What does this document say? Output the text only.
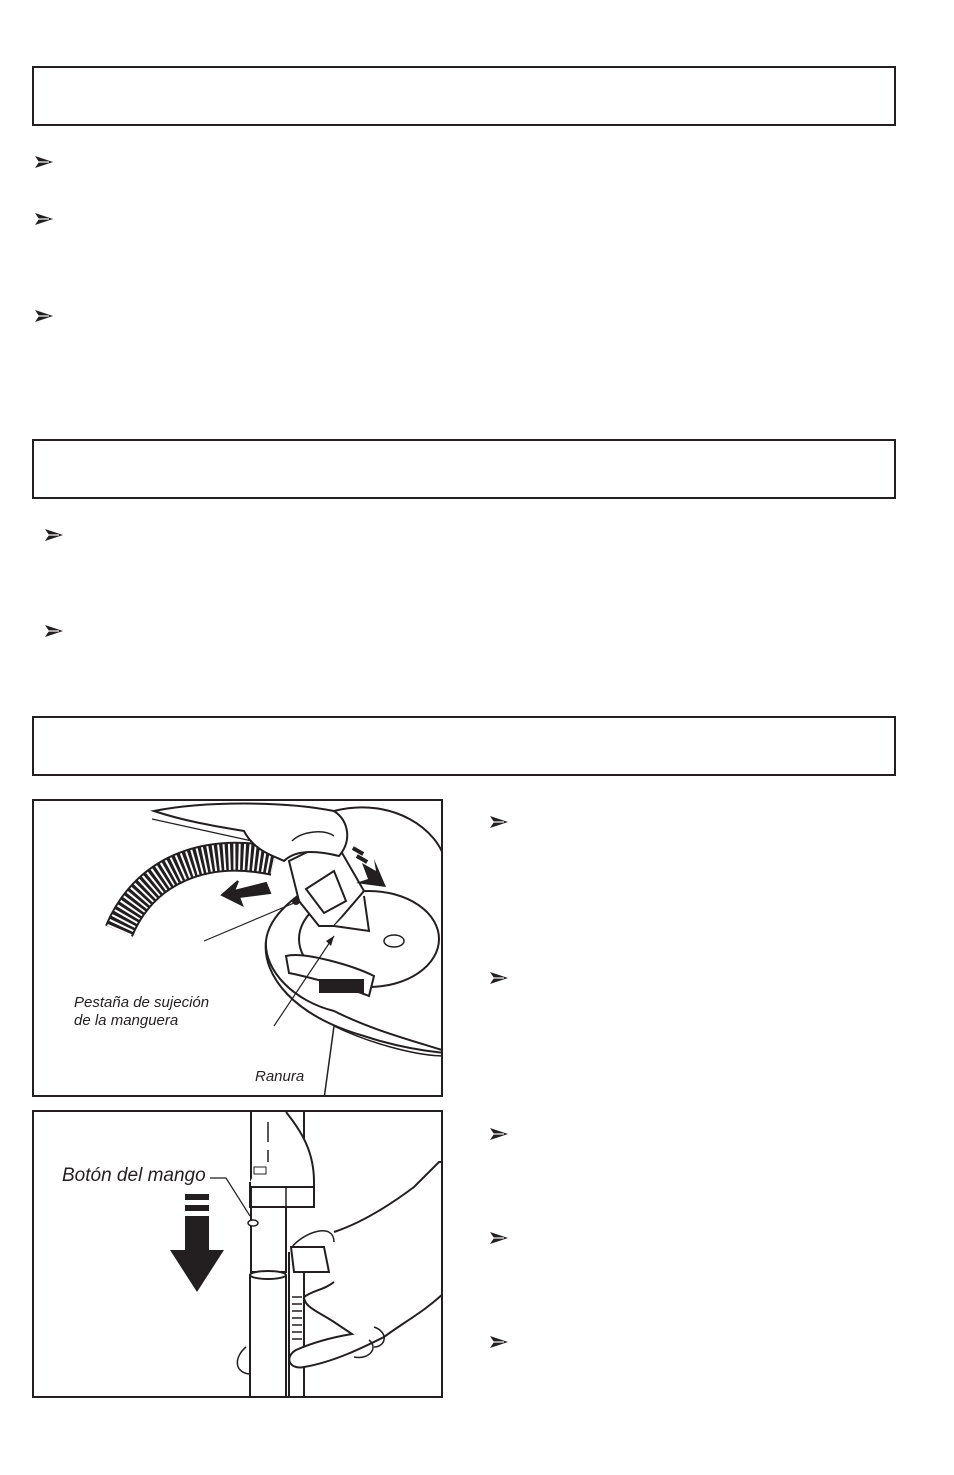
Pestaña de sujeción
de la manguera
Ranura
Botón del mango
